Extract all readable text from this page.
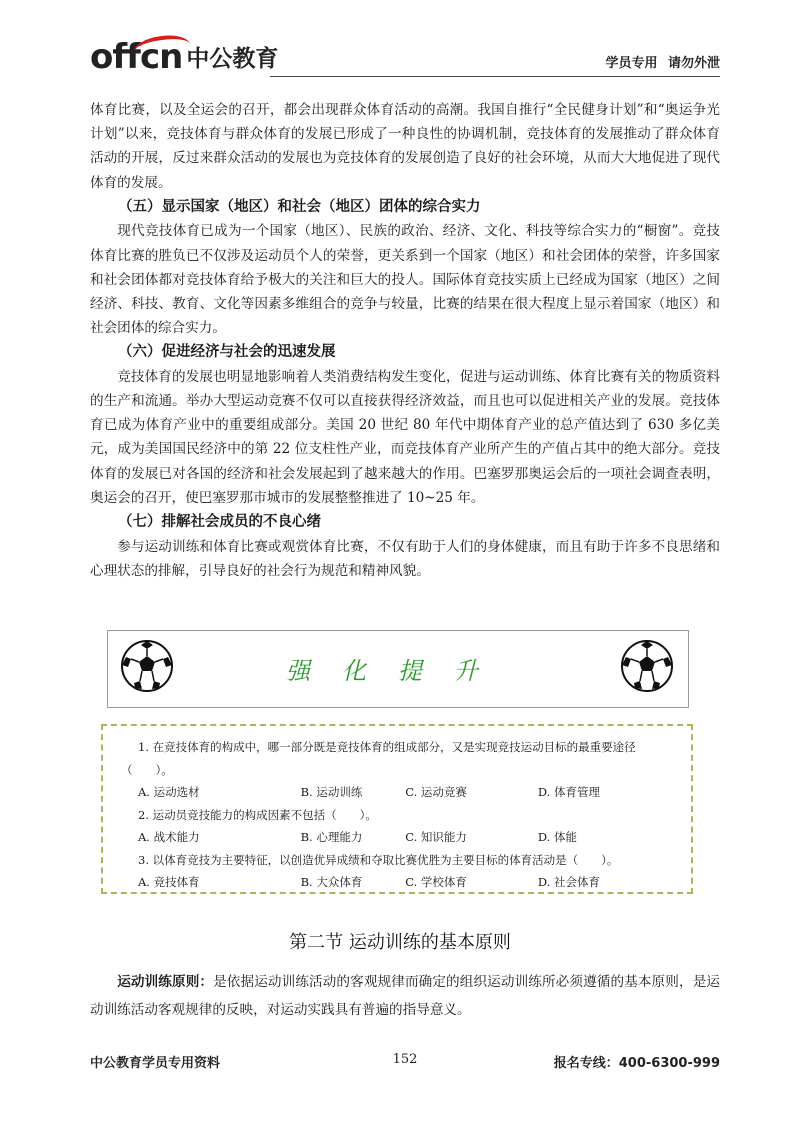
offcn 中公教育	学员专用 请勿外泄

体育比赛，以及全运会的召开，都会出现群众体育活动的高潮。我国自推行“全民健身计划”和“奥运争光计划”以来，竞技体育与群众体育的发展已形成了一种良性的协调机制，竞技体育的发展推动了群众体育活动的开展，反过来群众活动的发展也为竞技体育的发展创造了良好的社会环境，从而大大地促进了现代体育的发展。

（五）显示国家（地区）和社会（地区）团体的综合实力

现代竞技体育已成为一个国家（地区）、民族的政治、经济、文化、科技等综合实力的“橱窗”。竞技体育比赛的胜负已不仅涉及运动员个人的荣誉，更关系到一个国家（地区）和社会团体的荣誉，许多国家和社会团体都对竞技体育给予极大的关注和巨大的投人。国际体育竞技实质上已经成为国家（地区）之间经济、科技、教育、文化等因素多维组合的竞争与较量，比赛的结果在很大程度上显示着国家（地区）和社会团体的综合实力。

（六）促进经济与社会的迅速发展

竞技体育的发展也明显地影响着人类消费结构发生变化，促进与运动训练、体育比赛有关的物质资料的生产和流通。举办大型运动竞赛不仅可以直接获得经济效益，而且也可以促进相关产业的发展。竞技体育已成为体育产业中的重要组成部分。美国 20 世纪 80 年代中期体育产业的总产值达到了 630 多亿美元，成为美国国民经济中的第 22 位支柱性产业，而竞技体育产业所产生的产值占其中的绝大部分。竞技体育的发展已对各国的经济和社会发展起到了越来越大的作用。巴塞罗那奥运会后的一项社会调查表明，奥运会的召开，使巴塞罗那市城市的发展整整推进了 10~25 年。

（七）排解社会成员的不良心绪

参与运动训练和体育比赛或观赏体育比赛，不仅有助于人们的身体健康，而且有助于许多不良思绪和心理状态的排解，引导良好的社会行为规范和精神风貌。

强化提升

1. 在竞技体育的构成中，哪一部分既是竞技体育的组成部分，又是实现竞技运动目标的最重要途径

（　　）。

A. 运动选材	B. 运动训练	C. 运动竞赛	D. 体育管理

2. 运动员竞技能力的构成因素不包括（　　）。

A. 战术能力	B. 心理能力	C. 知识能力	D. 体能

3. 以体育竞技为主要特征，以创造优异成绩和夺取比赛优胜为主要目标的体育活动是（　　）。

A. 竞技体育	B. 大众体育	C. 学校体育	D. 社会体育
第二节 运动训练的基本原则

运动训练原则：是依据运动训练活动的客观规律而确定的组织运动训练所必须遵循的基本原则，是运动训练活动客观规律的反映，对运动实践具有普遍的指导意义。

中公教育学员专用资料	152	报名专线：400-6300-999
